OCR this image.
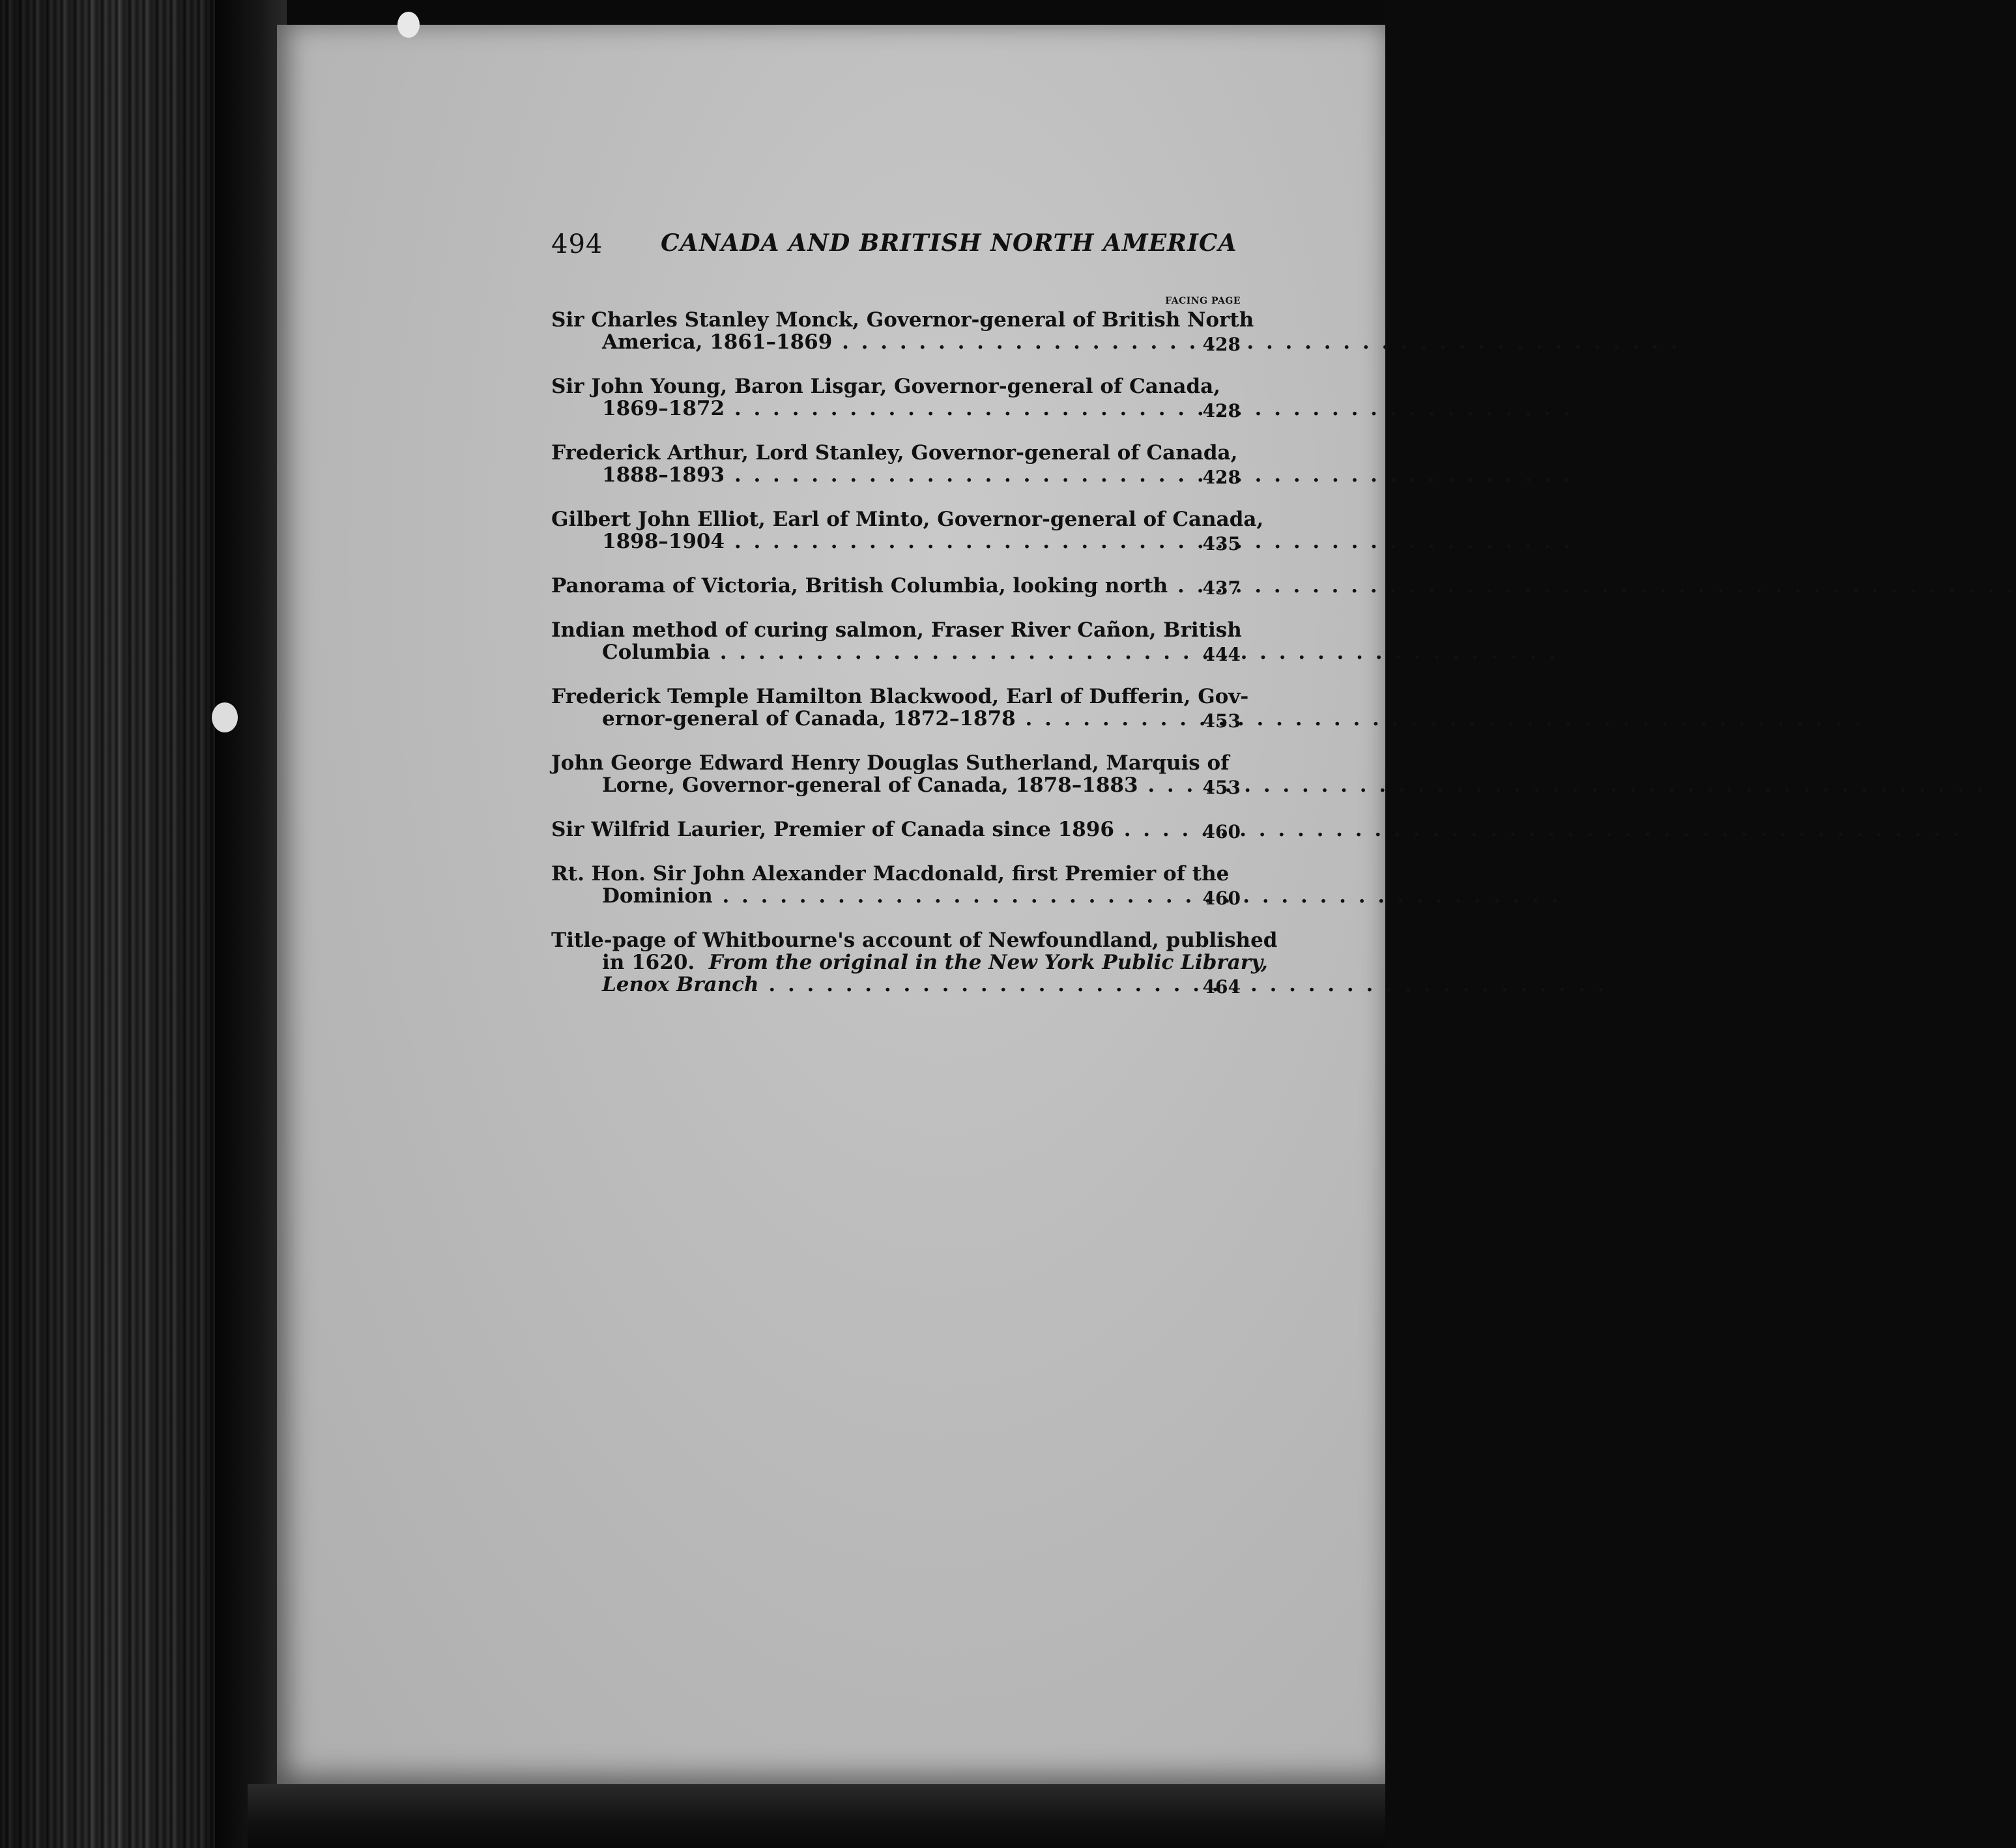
494 CANADA AND BRITISH NORTH AMERICA
FACING PAGE
Sir Charles Stanley Monck, Governor-general of British North
America, 1861–1869 . .	428
Sir John Young, Baron Lisgar, Governor-general of Canada,
1869–1872 . .	428
Frederick Arthur, Lord Stanley, Governor-general of Canada,
1888–1893 . .	428
Gilbert John Elliot, Earl of Minto, Governor-general of Canada,
1898–1904 . .	435
Panorama of Victoria, British Columbia, looking north . .	437
Indian method of curing salmon, Fraser River Cañon, British
Columbia . .	444
Frederick Temple Hamilton Blackwood, Earl of Dufferin, Gov-
ernor-general of Canada, 1872–1878 . .	453
John George Edward Henry Douglas Sutherland, Marquis of
Lorne, Governor-general of Canada, 1878–1883 . .	453
Sir Wilfrid Laurier, Premier of Canada since 1896 . .	460
Rt. Hon. Sir John Alexander Macdonald, first Premier of the
Dominion . .	460
Title-page of Whitbourne's account of Newfoundland, published
in 1620. From the original in the New York Public Library,
Lenox Branch . .	464
